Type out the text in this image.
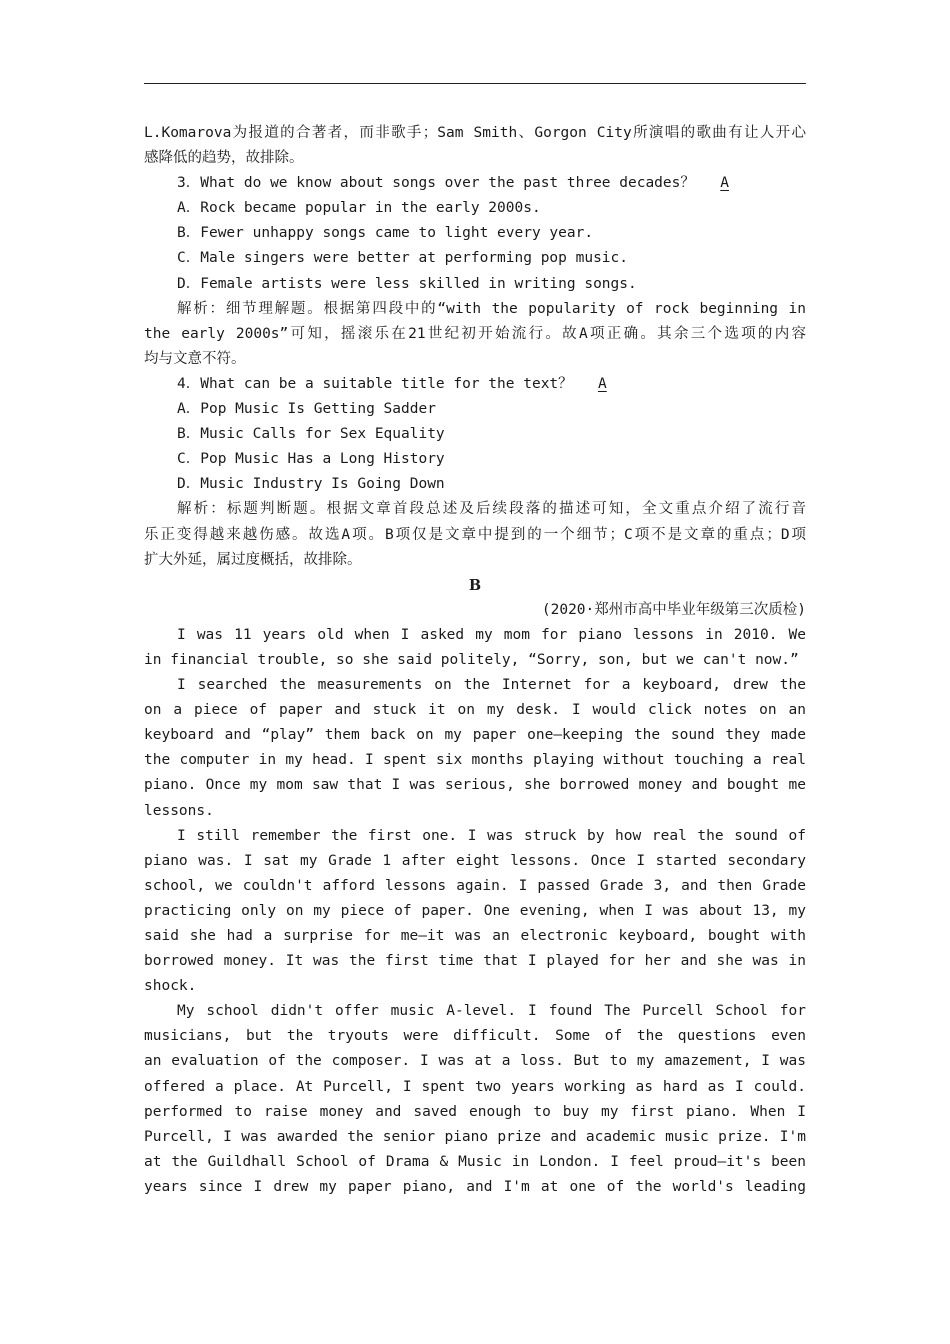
L.Komarova为报道的合著者，而非歌手；Sam Smith、Gorgon City所演唱的歌曲有让人开心
感降低的趋势，故排除。
3．What do we know about songs over the past three decades？ A
A．Rock became popular in the early 2000s.
B．Fewer unhappy songs came to light every year.
C．Male singers were better at performing pop music.
D．Female artists were less skilled in writing songs.
解析：细节理解题。根据第四段中的“with the popularity of rock beginning in
the early 2000s”可知，摇滚乐在21世纪初开始流行。故A项正确。其余三个选项的内容
均与文意不符。
4．What can be a suitable title for the text？ A
A．Pop Music Is Getting Sadder
B．Music Calls for Sex Equality
C．Pop Music Has a Long History
D．Music Industry Is Going Down
解析：标题判断题。根据文章首段总述及后续段落的描述可知，全文重点介绍了流行音
乐正变得越来越伤感。故选A项。B项仅是文章中提到的一个细节；C项不是文章的重点；D项
扩大外延，属过度概括，故排除。
B
(2020·郑州市高中毕业年级第三次质检)
I was 11 years old when I asked my mom for piano lessons in 2010. We
in financial trouble, so she said politely, “Sorry, son, but we can't now.”
I searched the measurements on the Internet for a keyboard, drew the
on a piece of paper and stuck it on my desk. I would click notes on an
keyboard and “play” them back on my paper one—keeping the sound they made
the computer in my head. I spent six months playing without touching a real
piano. Once my mom saw that I was serious, she borrowed money and bought me
lessons.
I still remember the first one. I was struck by how real the sound of
piano was. I sat my Grade 1 after eight lessons. Once I started secondary
school, we couldn't afford lessons again. I passed Grade 3, and then Grade
practicing only on my piece of paper. One evening, when I was about 13, my
said she had a surprise for me—it was an electronic keyboard, bought with
borrowed money. It was the first time that I played for her and she was in
shock.
My school didn't offer music A-level. I found The Purcell School for
musicians, but the tryouts were difficult. Some of the questions even
an evaluation of the composer. I was at a loss. But to my amazement, I was
offered a place. At Purcell, I spent two years working as hard as I could.
performed to raise money and saved enough to buy my first piano. When I
Purcell, I was awarded the senior piano prize and academic music prize. I'm
at the Guildhall School of Drama & Music in London. I feel proud—it's been
years since I drew my paper piano, and I'm at one of the world's leading
